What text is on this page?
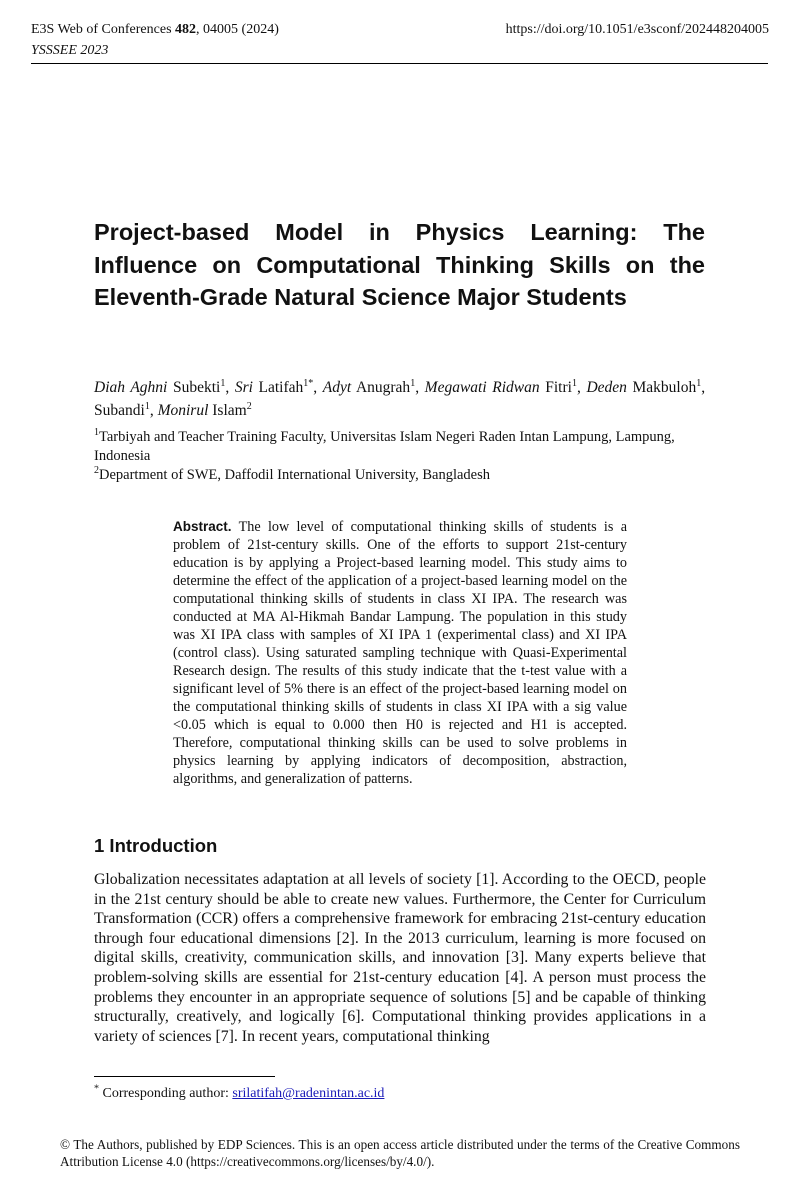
E3S Web of Conferences 482, 04005 (2024)	https://doi.org/10.1051/e3sconf/202448204005
YSSSEE 2023
Project-based Model in Physics Learning: The Influence on Computational Thinking Skills on the Eleventh-Grade Natural Science Major Students
Diah Aghni Subekti$^1$, Sri Latifah$^{1*}$, Adyt Anugrah$^1$, Megawati Ridwan Fitri$^1$, Deden Makbuloh$^1$, Subandi$^1$, Monirul Islam$^2$
$^1$Tarbiyah and Teacher Training Faculty, Universitas Islam Negeri Raden Intan Lampung, Lampung, Indonesia
$^2$Department of SWE, Daffodil International University, Bangladesh
Abstract. The low level of computational thinking skills of students is a problem of 21st-century skills. One of the efforts to support 21st-century education is by applying a Project-based learning model. This study aims to determine the effect of the application of a project-based learning model on the computational thinking skills of students in class XI IPA. The research was conducted at MA Al-Hikmah Bandar Lampung. The population in this study was XI IPA class with samples of XI IPA 1 (experimental class) and XI IPA (control class). Using saturated sampling technique with Quasi-Experimental Research design. The results of this study indicate that the t-test value with a significant level of 5% there is an effect of the project-based learning model on the computational thinking skills of students in class XI IPA with a sig value <0.05 which is equal to 0.000 then H0 is rejected and H1 is accepted. Therefore, computational thinking skills can be used to solve problems in physics learning by applying indicators of decomposition, abstraction, algorithms, and generalization of patterns.
1 Introduction

Globalization necessitates adaptation at all levels of society [1]. According to the OECD, people in the 21st century should be able to create new values. Furthermore, the Center for Curriculum Transformation (CCR) offers a comprehensive framework for embracing 21st-century education through four educational dimensions [2]. In the 2013 curriculum, learning is more focused on digital skills, creativity, communication skills, and innovation [3]. Many experts believe that problem-solving skills are essential for 21st-century education [4]. A person must process the problems they encounter in an appropriate sequence of solutions [5] and be capable of thinking structurally, creatively, and logically [6]. Computational thinking provides applications in a variety of sciences [7]. In recent years, computational thinking

* Corresponding author: srilatifah@radenintan.ac.id
© The Authors, published by EDP Sciences. This is an open access article distributed under the terms of the Creative Commons Attribution License 4.0 (https://creativecommons.org/licenses/by/4.0/).
